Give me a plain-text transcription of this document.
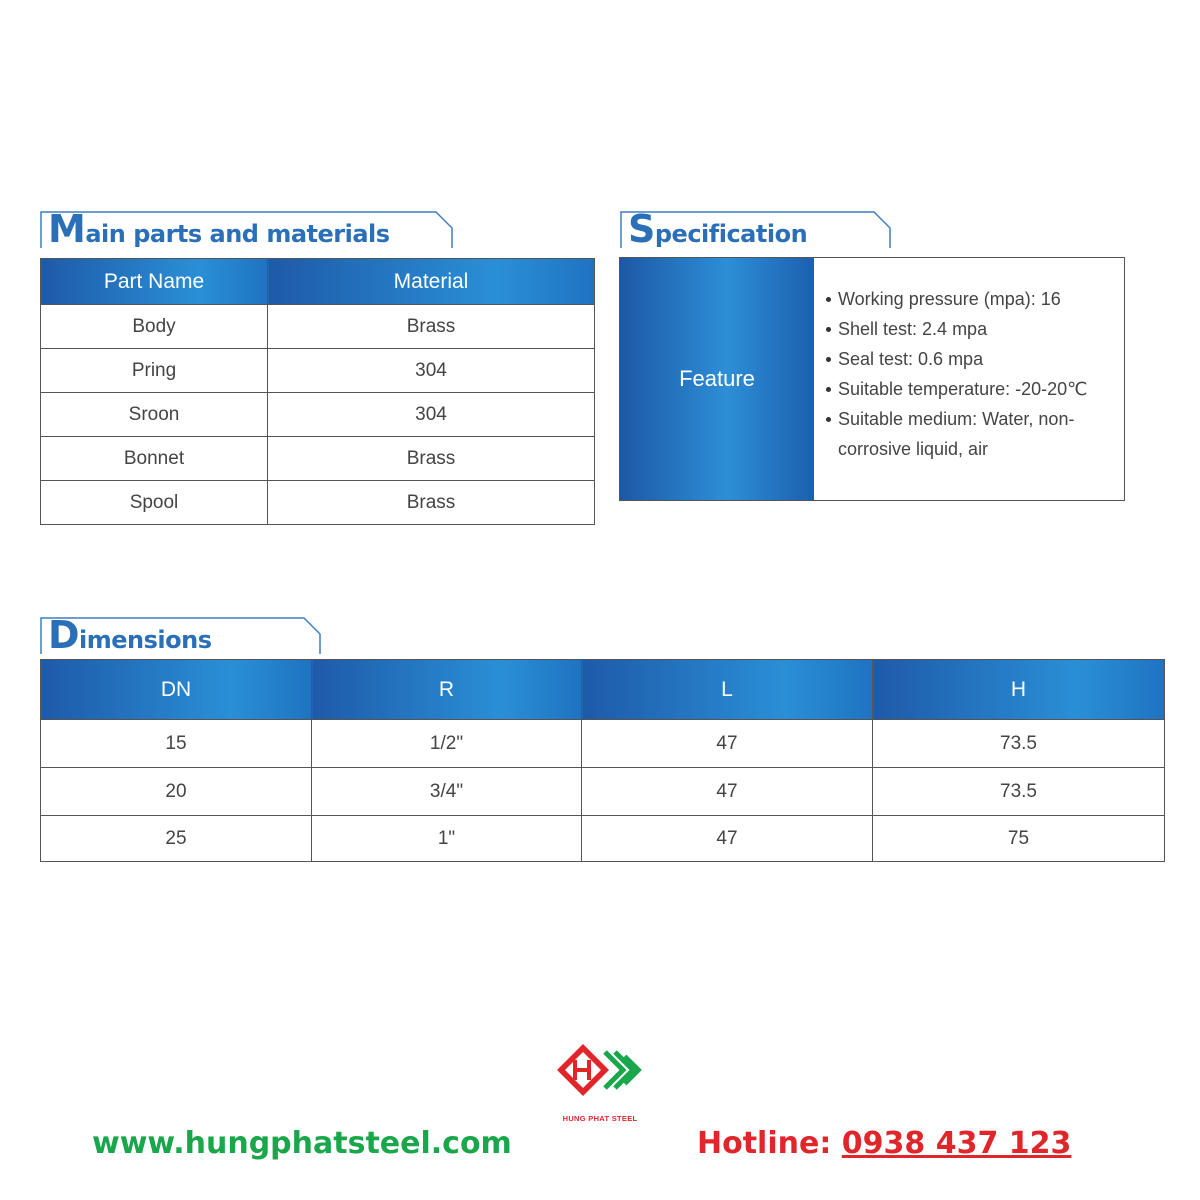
Main parts and materials	Specification
Part Name	Material
Body	Brass
Pring	304
Sroon	304
Bonnet	Brass
Spool	Brass
Feature
Working pressure (mpa): 16
Shell test: 2.4 mpa
Seal test: 0.6 mpa
Suitable temperature: -20-20℃
Suitable medium: Water, non-corrosive liquid, air
Dimensions
DN	R	L	H
15	1/2"	47	73.5
20	3/4"	47	73.5
25	1"	47	75
HUNG PHAT STEEL
www.hungphatsteel.com	Hotline: 0938 437 123
